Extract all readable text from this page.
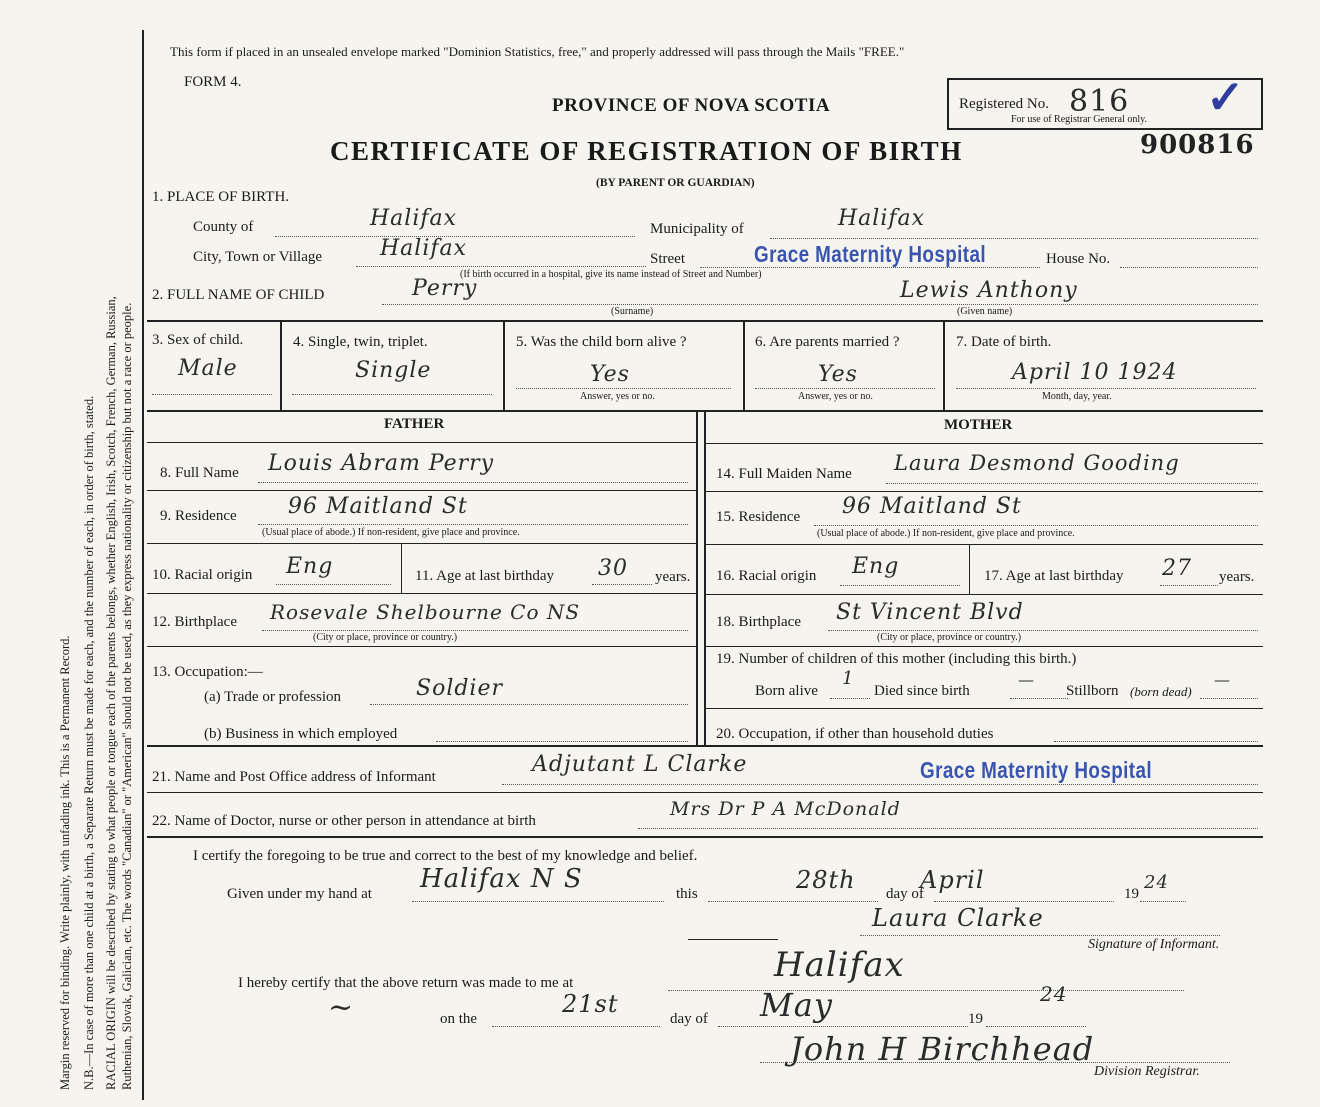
Margin reserved for binding. Write plainly, with unfading ink. This is a Permanent Record. N.B.—In case of more than one child at a birth, a Separate Return must be made for each, and the number of each, in order of birth, stated. RACIAL ORIGIN will be described by stating to what people or tongue each of the parents belongs, whether English, Irish, Scotch, French, German, Russian, Ruthenian, Slovak, Galician, etc. The words "Canadian" or "American" should not be used, as they express nationality or citizenship but not a race or people.
This form if placed in an unsealed envelope marked "Dominion Statistics, free," and properly addressed will pass through the Mails "FREE."
FORM 4.
PROVINCE OF NOVA SCOTIA
CERTIFICATE OF REGISTRATION OF BIRTH
(BY PARENT OR GUARDIAN)
Registered No. 816
For use of Registrar General only. ✓
900816
1. PLACE OF BIRTH.
County of	Halifax	Municipality of	Halifax
City, Town or Village	Halifax	Street	Grace Maternity Hospital	House No.
(If birth occurred in a hospital, give its name instead of Street and Number)
2. FULL NAME OF CHILD	Perry	Lewis Anthony
(Surname)	(Given name)
3. Sex of child.
Male
4. Single, twin, triplet.
Single
5. Was the child born alive ?
Yes
Answer, yes or no.
6. Are parents married ?
Yes
Answer, yes or no.
7. Date of birth.
April 10 1924
Month, day, year.
FATHER	MOTHER
8. Full Name Louis Abram Perry
9. Residence 96 Maitland St
(Usual place of abode.) If non-resident, give place and province.
10. Racial origin Eng	11. Age at last birthday 30 years.
12. Birthplace Rosevale Shelbourne Co NS
(City or place, province or country.)
13. Occupation:—
(a) Trade or profession	Soldier
(b) Business in which employed
14. Full Maiden Name Laura Desmond Gooding
15. Residence 96 Maitland St
(Usual place of abode.) If non-resident, give place and province.
16. Racial origin Eng	17. Age at last birthday 27 years.
18. Birthplace St Vincent Blvd
(City or place, province or country.)
19. Number of children of this mother (including this birth.)
Born alive
1
Died since birth
—
Stillborn (born dead)
—
20. Occupation, if other than household duties
21. Name and Post Office address of Informant	Adjutant L Clarke	Grace Maternity Hospital
22. Name of Doctor, nurse or other person in attendance at birth
Mrs Dr P A McDonald
I certify the foregoing to be true and correct to the best of my knowledge and belief.
Given under my hand at Halifax N S	this	28th day of
April	19
24
Laura Clarke
Signature of Informant.
I hereby certify that the above return was made to me at	Halifax
~	on the
21st
day of May	19
24
John H Birchhead
Division Registrar.
